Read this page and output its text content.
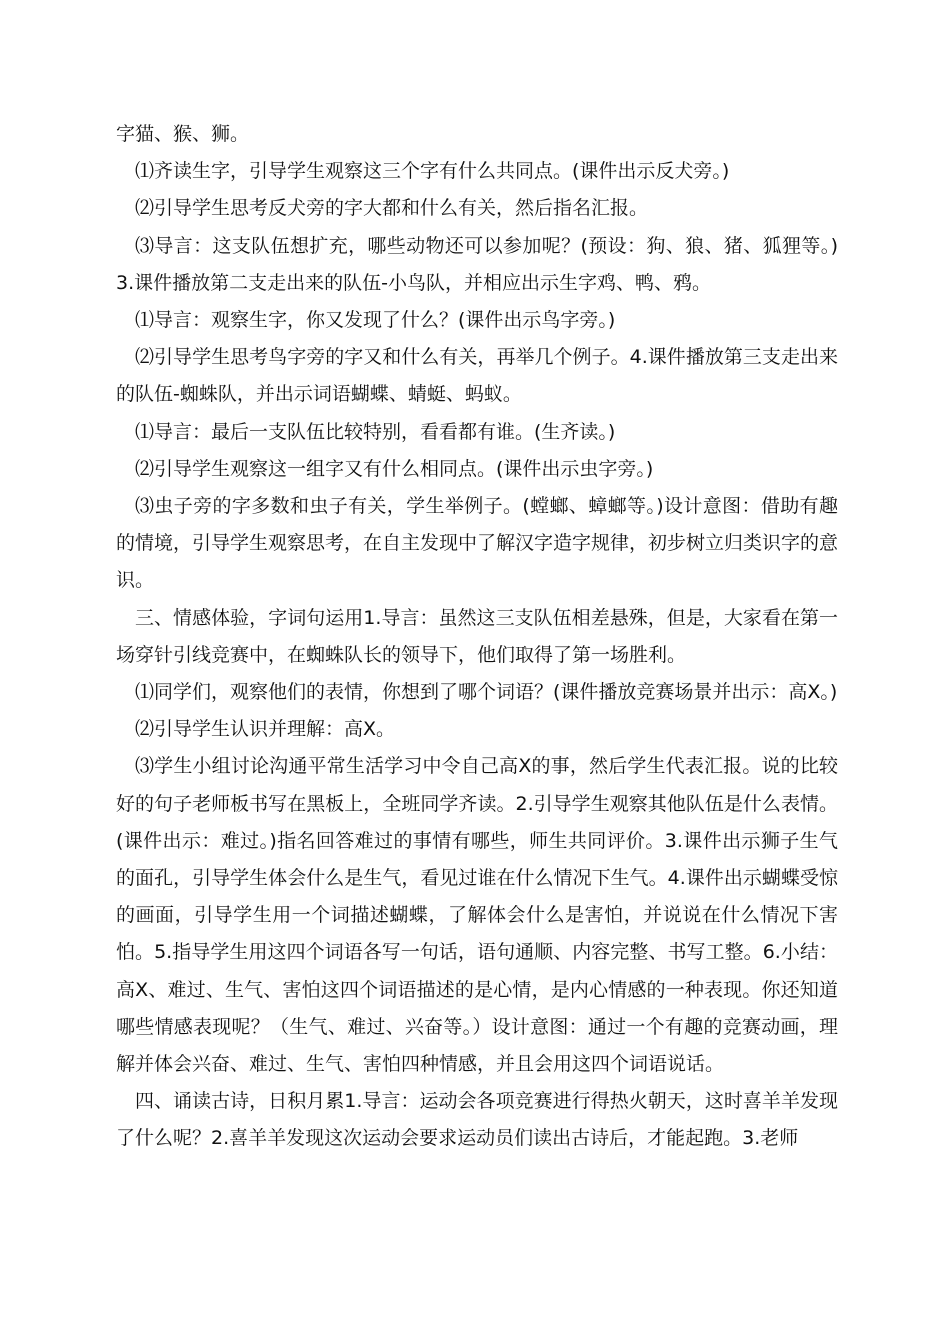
字猫、猴、狮。

⑴齐读生字，引导学生观察这三个字有什么共同点。(课件出示反犬旁。)

⑵引导学生思考反犬旁的字大都和什么有关，然后指名汇报。

⑶导言：这支队伍想扩充，哪些动物还可以参加呢？(预设：狗、狼、猪、狐狸等。)3.课件播放第二支走出来的队伍-小鸟队，并相应出示生字鸡、鸭、鸦。

⑴导言：观察生字，你又发现了什么？(课件出示鸟字旁。)

⑵引导学生思考鸟字旁的字又和什么有关，再举几个例子。4.课件播放第三支走出来的队伍-蜘蛛队，并出示词语蝴蝶、蜻蜓、蚂蚁。

⑴导言：最后一支队伍比较特别，看看都有谁。(生齐读。)

⑵引导学生观察这一组字又有什么相同点。(课件出示虫字旁。)

⑶虫子旁的字多数和虫子有关，学生举例子。(螳螂、蟑螂等。)设计意图：借助有趣的情境，引导学生观察思考，在自主发现中了解汉字造字规律，初步树立归类识字的意识。

三、情感体验，字词句运用1.导言：虽然这三支队伍相差悬殊，但是，大家看在第一场穿针引线竞赛中，在蜘蛛队长的领导下，他们取得了第一场胜利。

⑴同学们，观察他们的表情，你想到了哪个词语？(课件播放竞赛场景并出示：高X。)

⑵引导学生认识并理解：高X。

⑶学生小组讨论沟通平常生活学习中令自己高X的事，然后学生代表汇报。说的比较好的句子老师板书写在黑板上，全班同学齐读。2.引导学生观察其他队伍是什么表情。(课件出示：难过。)指名回答难过的事情有哪些，师生共同评价。3.课件出示狮子生气的面孔，引导学生体会什么是生气，看见过谁在什么情况下生气。4.课件出示蝴蝶受惊的画面，引导学生用一个词描述蝴蝶，了解体会什么是害怕，并说说在什么情况下害怕。5.指导学生用这四个词语各写一句话，语句通顺、内容完整、书写工整。6.小结：高X、难过、生气、害怕这四个词语描述的是心情，是内心情感的一种表现。你还知道哪些情感表现呢？（生气、难过、兴奋等。）设计意图：通过一个有趣的竞赛动画，理解并体会兴奋、难过、生气、害怕四种情感，并且会用这四个词语说话。

四、诵读古诗，日积月累1.导言：运动会各项竞赛进行得热火朝天，这时喜羊羊发现了什么呢？2.喜羊羊发现这次运动会要求运动员们读出古诗后，才能起跑。3.老师
